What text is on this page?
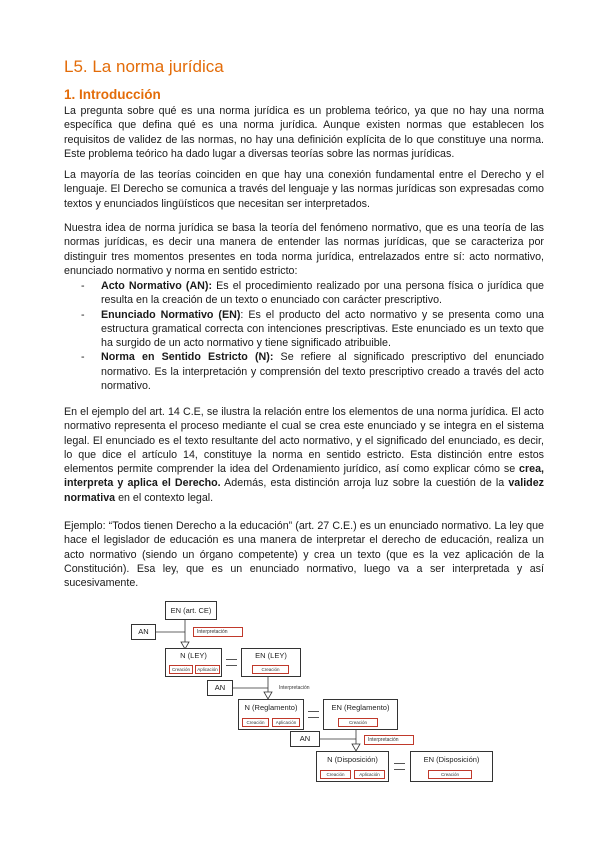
L5. La norma jurídica
1. Introducción

La pregunta sobre qué es una norma jurídica es un problema teórico, ya que no hay una norma específica que defina qué es una norma jurídica. Aunque existen normas que establecen los requisitos de validez de las normas, no hay una definición explícita de lo que constituye una norma. Este problema teórico ha dado lugar a diversas teorías sobre las normas jurídicas.

La mayoría de las teorías coinciden en que hay una conexión fundamental entre el Derecho y el lenguaje. El Derecho se comunica a través del lenguaje y las normas jurídicas son expresadas como textos y enunciados lingüísticos que necesitan ser interpretados.

Nuestra idea de norma jurídica se basa la teoría del fenómeno normativo, que es una teoría de las normas jurídicas, es decir una manera de entender las normas jurídicas, que se caracteriza por distinguir tres momentos presentes en toda norma jurídica, entrelazados entre sí: acto normativo, enunciado normativo y norma en sentido estricto:

- Acto Normativo (AN): Es el procedimiento realizado por una persona física o jurídica que resulta en la creación de un texto o enunciado con carácter prescriptivo.
- Enunciado Normativo (EN): Es el producto del acto normativo y se presenta como una estructura gramatical correcta con intenciones prescriptivas. Este enunciado es un texto que ha surgido de un acto normativo y tiene significado atribuible.
- Norma en Sentido Estricto (N): Se refiere al significado prescriptivo del enunciado normativo. Es la interpretación y comprensión del texto prescriptivo creado a través del acto normativo.

En el ejemplo del art. 14 C.E, se ilustra la relación entre los elementos de una norma jurídica. El acto normativo representa el proceso mediante el cual se crea este enunciado y se integra en el sistema legal. El enunciado es el texto resultante del acto normativo, y el significado del enunciado, es decir, lo que dice el artículo 14, constituye la norma en sentido estricto. Esta distinción entre estos elementos permite comprender la idea del Ordenamiento jurídico, así como explicar cómo se crea, interpreta y aplica el Derecho. Además, esta distinción arroja luz sobre la cuestión de la validez normativa en el contexto legal.

Ejemplo: “Todos tienen Derecho a la educación” (art. 27 C.E.) es un enunciado normativo. La ley que hace el legislador de educación es una manera de interpretar el derecho de educación, realiza un acto normativo (siendo un órgano competente) y crea un texto (que es la vez aplicación de la Constitución). Esa ley, que es un enunciado normativo, luego va a ser interpretada y así sucesivamente.

EN (art. CE)
AN	Interpretación
N (LEY)
Creación	Aplicación
EN (LEY)
Creación
AN	Interpretación
N (Reglamento)
Creación	Aplicación
EN (Reglamento)
Creación
AN	Interpretación
N (Disposición)
Creación	Aplicación
EN (Disposición)
Creación
